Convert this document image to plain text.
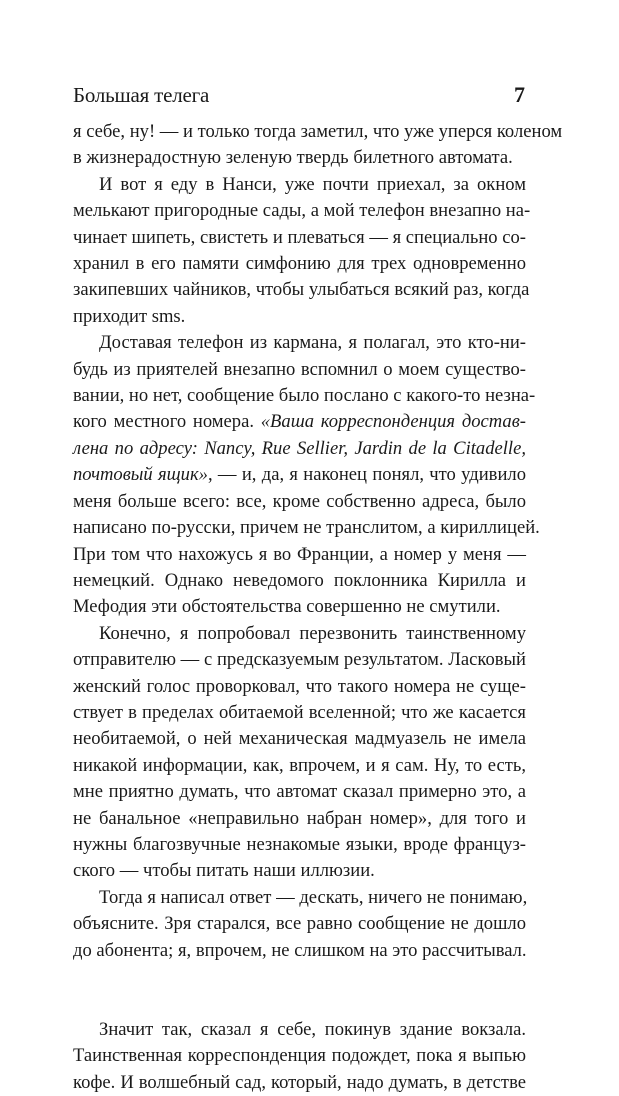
Большая телега	7

я себе, ну! — и только тогда заметил, что уже уперся коленом
в жизнерадостную зеленую твердь билетного автомата.

И вот я еду в Нанси, уже почти приехал, за окном
мелькают пригородные сады, а мой телефон внезапно на-
чинает шипеть, свистеть и плеваться — я специально со-
хранил в его памяти симфонию для трех одновременно
закипевших чайников, чтобы улыбаться всякий раз, когда
приходит sms.

Доставая телефон из кармана, я полагал, это кто-ни-
будь из приятелей внезапно вспомнил о моем существо-
вании, но нет, сообщение было послано с какого-то незна-
кого местного номера. «Ваша корреспонденция достав-
лена по адресу: Nancy, Rue Sellier, Jardin de la Citadelle,
почтовый ящик», — и, да, я наконец понял, что удивило
меня больше всего: все, кроме собственно адреса, было
написано по-русски, причем не транслитом, а кириллицей.
При том что нахожусь я во Франции, а номер у меня —
немецкий. Однако неведомого поклонника Кирилла и
Мефодия эти обстоятельства совершенно не смутили.

Конечно, я попробовал перезвонить таинственному
отправителю — с предсказуемым результатом. Ласковый
женский голос проворковал, что такого номера не суще-
ствует в пределах обитаемой вселенной; что же касается
необитаемой, о ней механическая мадмуазель не имела
никакой информации, как, впрочем, и я сам. Ну, то есть,
мне приятно думать, что автомат сказал примерно это, а
не банальное «неправильно набран номер», для того и
нужны благозвучные незнакомые языки, вроде француз-
ского — чтобы питать наши иллюзии.

Тогда я написал ответ — дескать, ничего не понимаю,
объясните. Зря старался, все равно сообщение не дошло
до абонента; я, впрочем, не слишком на это рассчитывал.

Значит так, сказал я себе, покинув здание вокзала.
Таинственная корреспонденция подождет, пока я выпью
кофе. И волшебный сад, который, надо думать, в детстве
